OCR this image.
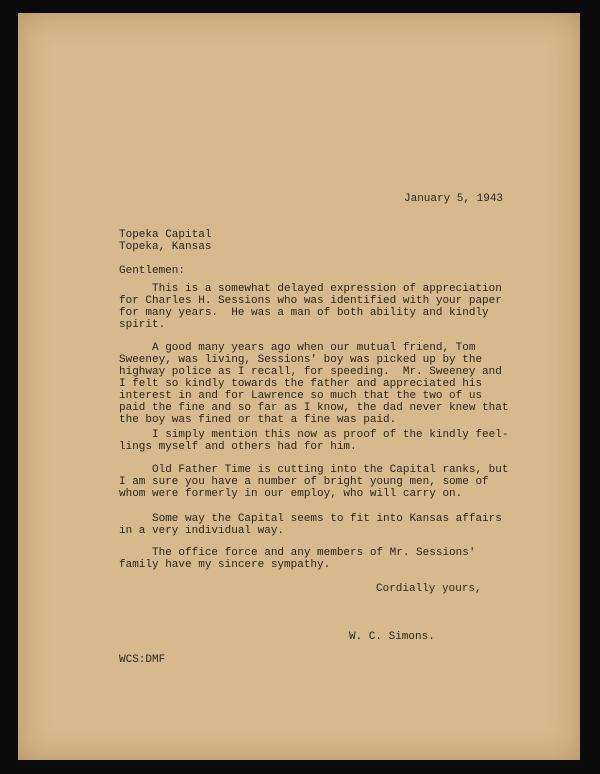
January 5, 1943

Topeka Capital

Topeka, Kansas

Gentlemen:

This is a somewhat delayed expression of appreciation
for Charles H. Sessions who was identified with your paper
for many years.  He was a man of both ability and kindly
spirit.
A good many years ago when our mutual friend, Tom
Sweeney, was living, Sessions' boy was picked up by the
highway police as I recall, for speeding.  Mr. Sweeney and
I felt so kindly towards the father and appreciated his
interest in and for Lawrence so much that the two of us
paid the fine and so far as I know, the dad never knew that
the boy was fined or that a fine was paid.
I simply mention this now as proof of the kindly feel-
lings myself and others had for him.
Old Father Time is cutting into the Capital ranks, but
I am sure you have a number of bright young men, some of
whom were formerly in our employ, who will carry on.
Some way the Capital seems to fit into Kansas affairs
in a very individual way.
The office force and any members of Mr. Sessions'
family have my sincere sympathy.

Cordially yours,

W. C. Simons.

WCS:DMF
